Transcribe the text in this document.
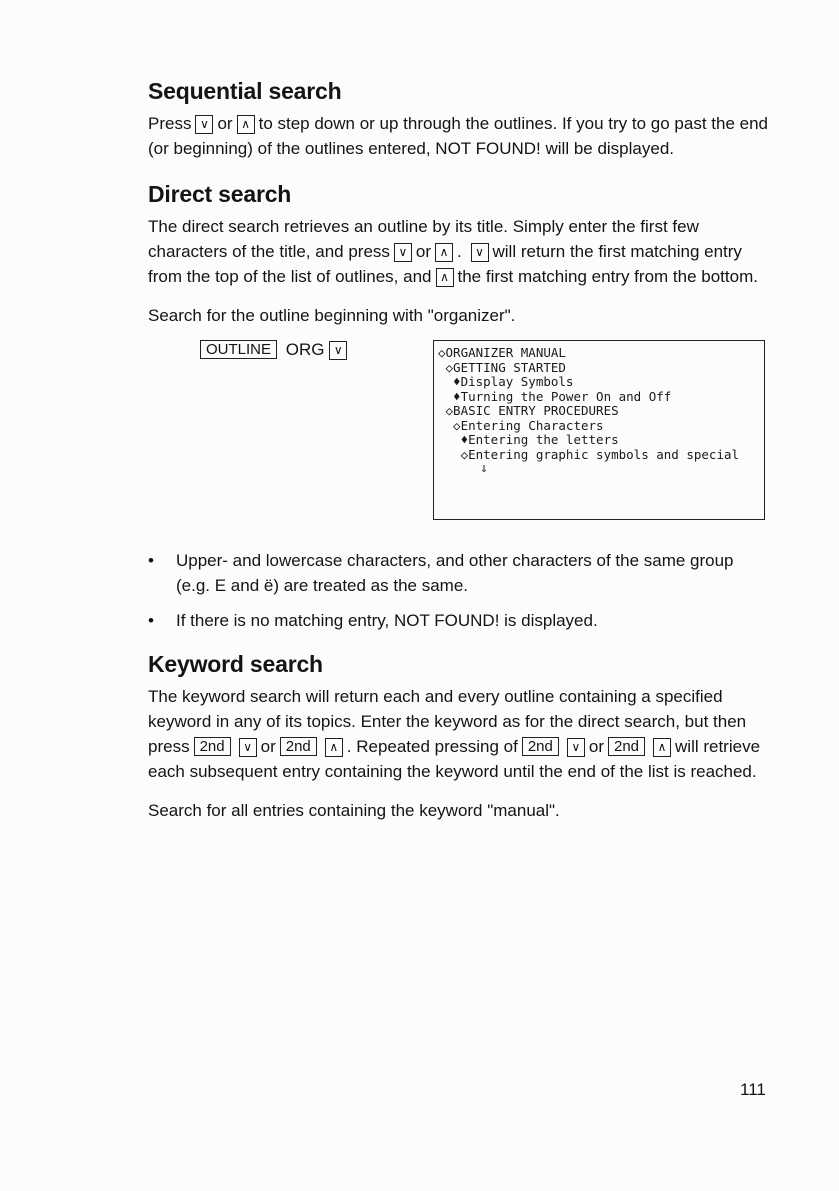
Sequential search

Press ∨ or ∧ to step down or up through the outlines. If you try to go past the end (or beginning) of the outlines entered, NOT FOUND! will be displayed.

Direct search

The direct search retrieves an outline by its title. Simply enter the first few characters of the title, and press ∨ or ∧ . ∨ will return the first matching entry from the top of the list of outlines, and ∧ the first matching entry from the bottom.

Search for the outline beginning with "organizer".

OUTLINE ORG ∨	◇ORGANIZER MANUAL
◇GETTING STARTED
♦Display Symbols
♦Turning the Power On and Off
◇BASIC ENTRY PROCEDURES
◇Entering Characters
♦Entering the letters
◇Entering graphic symbols and special
⇓
• Upper- and lowercase characters, and other characters of the same group (e.g. E and ë) are treated as the same.
• If there is no matching entry, NOT FOUND! is displayed.
Keyword search

The keyword search will return each and every outline containing a specified keyword in any of its topics. Enter the keyword as for the direct search, but then press 2nd ∨ or 2nd ∧ . Repeated pressing of 2nd ∨ or 2nd ∧ will retrieve each subsequent entry containing the keyword until the end of the list is reached.

Search for all entries containing the keyword "manual".

111
